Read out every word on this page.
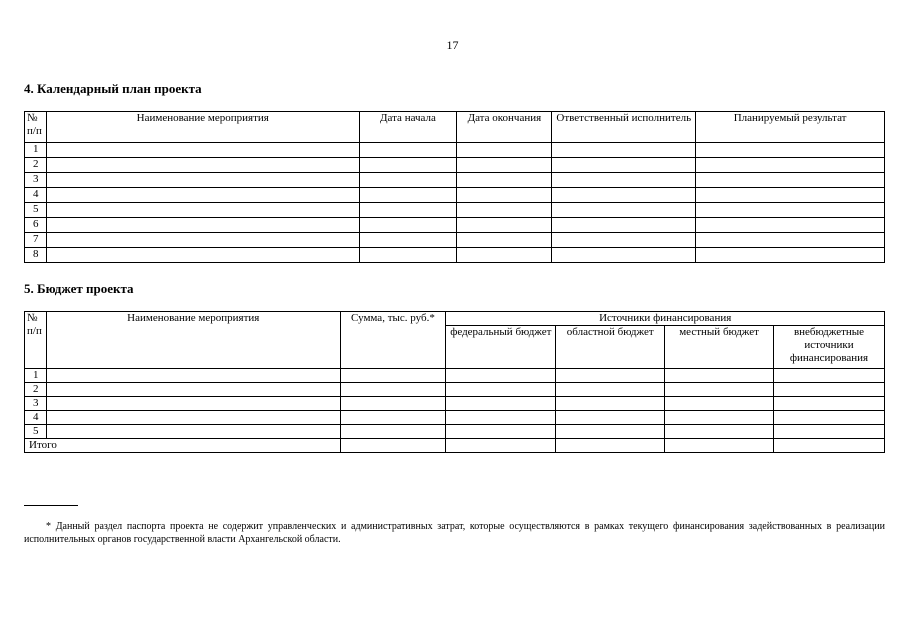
17
4. Календарный план проекта
№ п/п	Наименование мероприятия	Дата начала	Дата окончания	Ответственный исполнитель	Планируемый результат
1					
2					
3					
4					
5					
6					
7					
8					
5. Бюджет проекта
№ п/п	Наименование мероприятия	Сумма, тыс. руб.*	Источники финансирования			
			федеральный бюджет	областной бюджет	местный бюджет	внебюджетные источники финансирования
1						
2						
3						
4						
5						
Итого						
* Данный раздел паспорта проекта не содержит управленческих и административных затрат, которые осуществляются в рамках текущего финансирования задействованных в реализации исполнительных органов государственной власти Архангельской области.
